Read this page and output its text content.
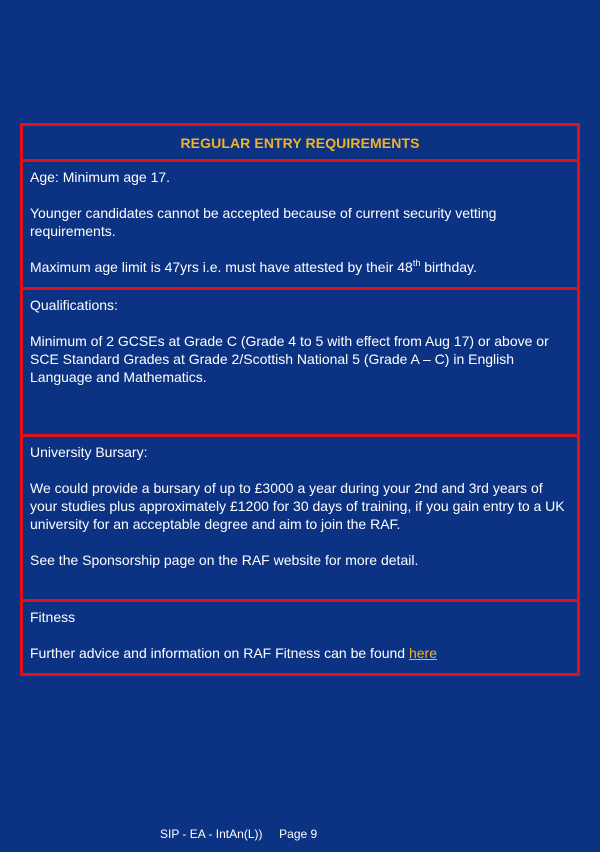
REGULAR ENTRY REQUIREMENTS

Age: Minimum age 17.

Younger candidates cannot be accepted because of current security vetting requirements.

Maximum age limit is 47yrs i.e. must have attested by their 48th birthday.

Qualifications:

Minimum of 2 GCSEs at Grade C (Grade 4 to 5 with effect from Aug 17) or above or SCE Standard Grades at Grade 2/Scottish National 5 (Grade A – C) in English Language and Mathematics.

University Bursary:

We could provide a bursary of up to £3000 a year during your 2nd and 3rd years of your studies plus approximately £1200 for 30 days of training, if you gain entry to a UK university for an acceptable degree and aim to join the RAF.

See the Sponsorship page on the RAF website for more detail.

Fitness

Further advice and information on RAF Fitness can be found here

SIP - EA - IntAn(L))     Page 9
